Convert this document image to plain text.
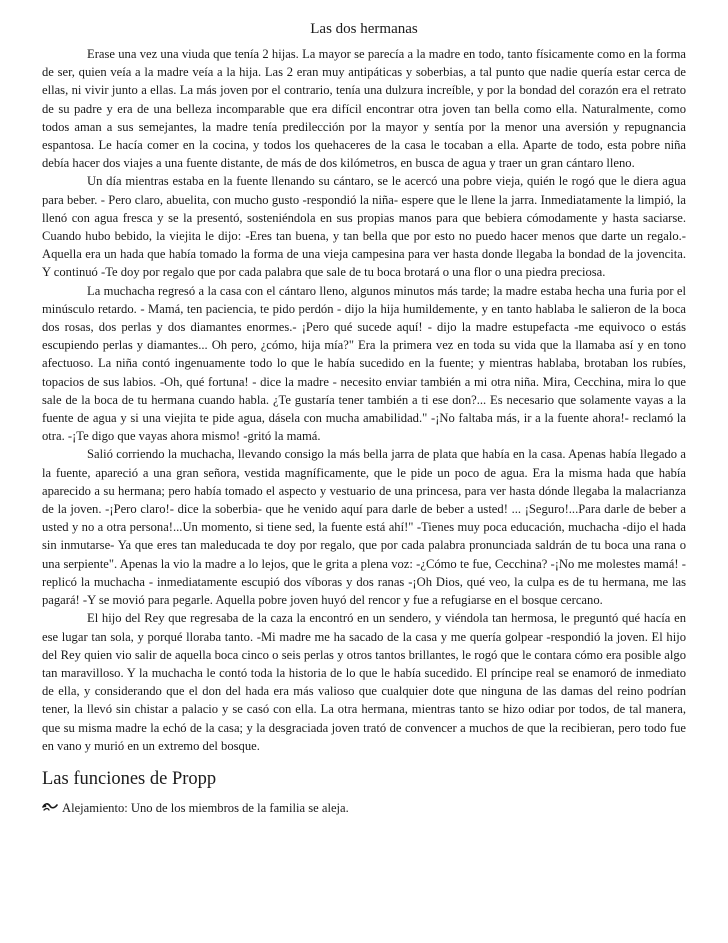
Las dos hermanas

Erase una vez una viuda que tenía 2 hijas. La mayor se parecía a la madre en todo, tanto físicamente como en la forma de ser, quien veía a la madre veía a la hija. Las 2 eran muy antipáticas y soberbias, a tal punto que nadie quería estar cerca de ellas, ni vivir junto a ellas. La más joven por el contrario, tenía una dulzura increíble, y por la bondad del corazón era el retrato de su padre y era de una belleza incomparable que era difícil encontrar otra joven tan bella como ella. Naturalmente, como todos aman a sus semejantes, la madre tenía predilección por la mayor y sentía por la menor una aversión y repugnancia espantosa. Le hacía comer en la cocina, y todos los quehaceres de la casa le tocaban a ella. Aparte de todo, esta pobre niña debía hacer dos viajes a una fuente distante, de más de dos kilómetros, en busca de agua y traer un gran cántaro lleno.

Un día mientras estaba en la fuente llenando su cántaro, se le acercó una pobre vieja, quién le rogó que le diera agua para beber. - Pero claro, abuelita, con mucho gusto -respondió la niña- espere que le llene la jarra. Inmediatamente la limpió, la llenó con agua fresca y se la presentó, sosteniéndola en sus propias manos para que bebiera cómodamente y hasta saciarse. Cuando hubo bebido, la viejita le dijo: -Eres tan buena, y tan bella que por esto no puedo hacer menos que darte un regalo.- Aquella era un hada que había tomado la forma de una vieja campesina para ver hasta donde llegaba la bondad de la jovencita. Y continuó -Te doy por regalo que por cada palabra que sale de tu boca brotará o una flor o una piedra preciosa.

La muchacha regresó a la casa con el cántaro lleno, algunos minutos más tarde; la madre estaba hecha una furia por el minúsculo retardo. - Mamá, ten paciencia, te pido perdón - dijo la hija humildemente, y en tanto hablaba le salieron de la boca dos rosas, dos perlas y dos diamantes enormes.- ¡Pero qué sucede aquí! - dijo la madre estupefacta -me equivoco o estás escupiendo perlas y diamantes... Oh pero, ¿cómo, hija mía?" Era la primera vez en toda su vida que la llamaba así y en tono afectuoso. La niña contó ingenuamente todo lo que le había sucedido en la fuente; y mientras hablaba, brotaban los rubíes, topacios de sus labios. -Oh, qué fortuna! - dice la madre - necesito enviar también a mi otra niña. Mira, Cecchina, mira lo que sale de la boca de tu hermana cuando habla. ¿Te gustaría tener también a ti ese don?... Es necesario que solamente vayas a la fuente de agua y si una viejita te pide agua, dásela con mucha amabilidad." -¡No faltaba más, ir a la fuente ahora!- reclamó la otra. -¡Te digo que vayas ahora mismo! -gritó la mamá.

Salió corriendo la muchacha, llevando consigo la más bella jarra de plata que había en la casa. Apenas había llegado a la fuente, apareció a una gran señora, vestida magníficamente, que le pide un poco de agua. Era la misma hada que había aparecido a su hermana; pero había tomado el aspecto y vestuario de una princesa, para ver hasta dónde llegaba la malacrianza de la joven. -¡Pero claro!- dice la soberbia- que he venido aquí para darle de beber a usted! ... ¡Seguro!...Para darle de beber a usted y no a otra persona!...Un momento, si tiene sed, la fuente está ahí!" -Tienes muy poca educación, muchacha -dijo el hada sin inmutarse- Ya que eres tan maleducada te doy por regalo, que por cada palabra pronunciada saldrán de tu boca una rana o una serpiente". Apenas la vio la madre a lo lejos, que le grita a plena voz: -¿Cómo te fue, Cecchina? -¡No me molestes mamá! - replicó la muchacha - inmediatamente escupió dos víboras y dos ranas -¡Oh Dios, qué veo, la culpa es de tu hermana, me las pagará! -Y se movió para pegarle. Aquella pobre joven huyó del rencor y fue a refugiarse en el bosque cercano.

El hijo del Rey que regresaba de la caza la encontró en un sendero, y viéndola tan hermosa, le preguntó qué hacía en ese lugar tan sola, y porqué lloraba tanto. -Mi madre me ha sacado de la casa y me quería golpear -respondió la joven. El hijo del Rey quien vio salir de aquella boca cinco o seis perlas y otros tantos brillantes, le rogó que le contara cómo era posible algo tan maravilloso. Y la muchacha le contó toda la historia de lo que le había sucedido. El príncipe real se enamoró de inmediato de ella, y considerando que el don del hada era más valioso que cualquier dote que ninguna de las damas del reino podrían tener, la llevó sin chistar a palacio y se casó con ella. La otra hermana, mientras tanto se hizo odiar por todos, de tal manera, que su misma madre la echó de la casa; y la desgraciada joven trató de convencer a muchos de que la recibieran, pero todo fue en vano y murió en un extremo del bosque.

Las funciones de Propp
Alejamiento: Uno de los miembros de la familia se aleja.
